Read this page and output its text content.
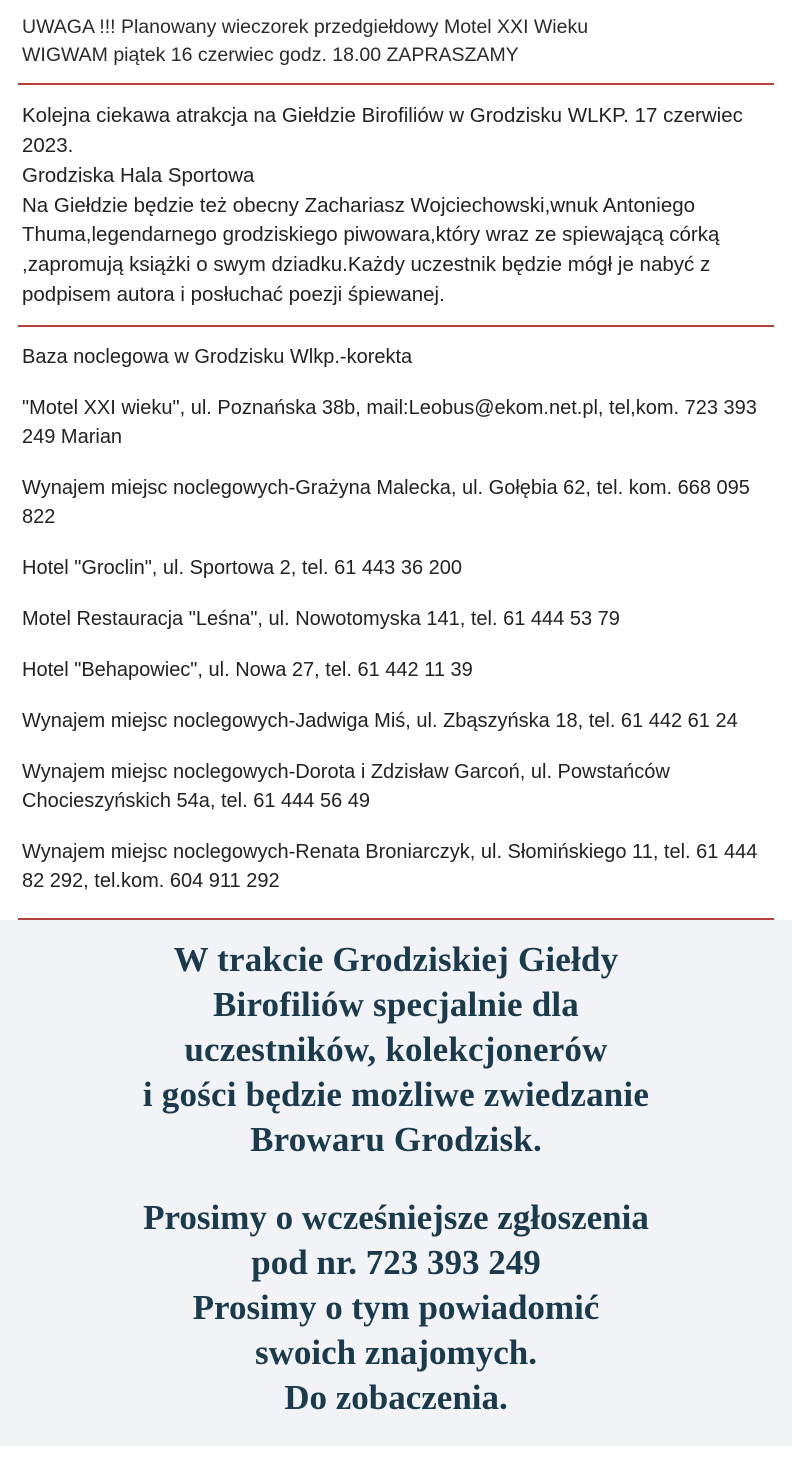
UWAGA !!! Planowany wieczorek przedgiełdowy Motel XXI Wieku

WIGWAM piątek 16 czerwiec godz. 18.00 ZAPRASZAMY

Kolejna ciekawa atrakcja na Giełdzie Birofiliów w Grodzisku WLKP. 17 czerwiec 2023.

Grodziska Hala Sportowa

Na Giełdzie będzie też obecny Zachariasz Wojciechowski,wnuk Antoniego Thuma,legendarnego grodziskiego piwowara,który wraz ze spiewającą córką ,zapromują książki o swym dziadku.Każdy uczestnik będzie mógł je nabyć z podpisem autora i posłuchać poezji śpiewanej.

Baza noclegowa w Grodzisku Wlkp.-korekta

"Motel XXI wieku", ul. Poznańska 38b, mail:Leobus@ekom.net.pl, tel,kom. 723 393 249 Marian

Wynajem miejsc noclegowych-Grażyna Malecka, ul. Gołębia 62, tel. kom. 668 095 822

Hotel "Groclin", ul. Sportowa 2, tel. 61 443 36 200

Motel Restauracja "Leśna", ul. Nowotomyska 141, tel. 61 444 53 79

Hotel "Behapowiec", ul. Nowa 27, tel. 61 442 11 39

Wynajem miejsc noclegowych-Jadwiga Miś, ul. Zbąszyńska 18, tel. 61 442 61 24

Wynajem miejsc noclegowych-Dorota i Zdzisław Garcoń, ul. Powstańców Chocieszyńskich 54a, tel. 61 444 56 49

Wynajem miejsc noclegowych-Renata Broniarczyk, ul. Słomińskiego 11, tel. 61 444 82 292, tel.kom. 604 911 292

W trakcie Grodziskiej Giełdy
Birofiliów specjalnie dla
uczestników, kolekcjonerów
i gości będzie możliwe zwiedzanie
Browaru Grodzisk.
Prosimy o wcześniejsze zgłoszenia
pod nr. 723 393 249
Prosimy o tym powiadomić
swoich znajomych.
Do zobaczenia.
